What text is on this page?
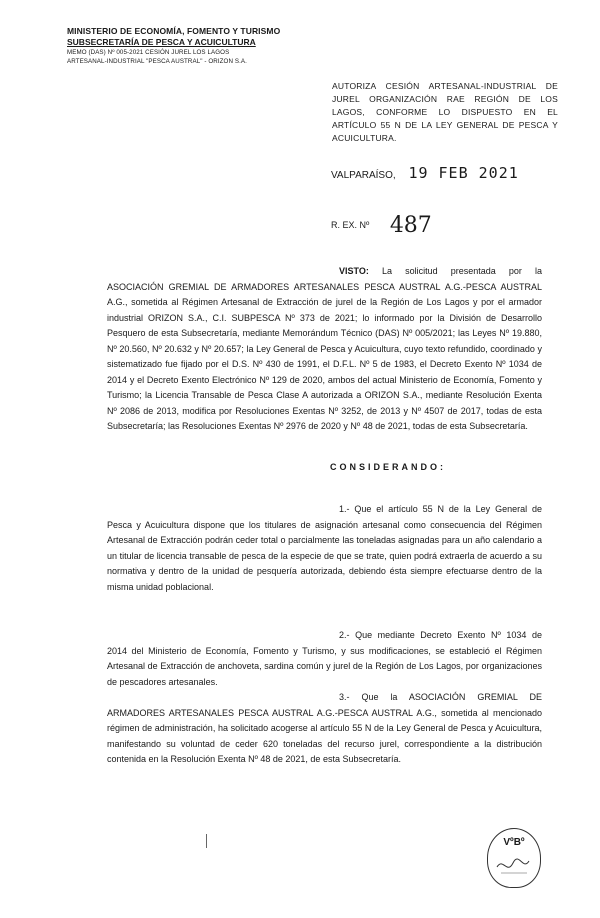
MINISTERIO DE ECONOMÍA, FOMENTO Y TURISMO
SUBSECRETARÍA DE PESCA Y ACUICULTURA
MEMO (DAS) Nº 005-2021 CESIÓN JUREL LOS LAGOS
ARTESANAL-INDUSTRIAL "PESCA AUSTRAL" - ORIZON S.A.
AUTORIZA CESIÓN ARTESANAL-INDUSTRIAL DE JUREL ORGANIZACIÓN RAE REGIÓN DE LOS LAGOS, CONFORME LO DISPUESTO EN EL ARTÍCULO 55 N DE LA LEY GENERAL DE PESCA Y ACUICULTURA.
VALPARAÍSO, 19 FEB 2021
R. EX. Nº 487
VISTO: La solicitud presentada por la ASOCIACIÓN GREMIAL DE ARMADORES ARTESANALES PESCA AUSTRAL A.G.-PESCA AUSTRAL A.G., sometida al Régimen Artesanal de Extracción de jurel de la Región de Los Lagos y por el armador industrial ORIZON S.A., C.I. SUBPESCA Nº 373 de 2021; lo informado por la División de Desarrollo Pesquero de esta Subsecretaría, mediante Memorándum Técnico (DAS) Nº 005/2021; las Leyes Nº 19.880, Nº 20.560, Nº 20.632 y Nº 20.657; la Ley General de Pesca y Acuicultura, cuyo texto refundido, coordinado y sistematizado fue fijado por el D.S. Nº 430 de 1991, el D.F.L. Nº 5 de 1983, el Decreto Exento Nº 1034 de 2014 y el Decreto Exento Electrónico Nº 129 de 2020, ambos del actual Ministerio de Economía, Fomento y Turismo; la Licencia Transable de Pesca Clase A autorizada a ORIZON S.A., mediante Resolución Exenta Nº 2086 de 2013, modifica por Resoluciones Exentas Nº 3252, de 2013 y Nº 4507 de 2017, todas de esta Subsecretaría; las Resoluciones Exentas Nº 2976 de 2020 y Nº 48 de 2021, todas de esta Subsecretaría.
CONSIDERANDO:
1.- Que el artículo 55 N de la Ley General de Pesca y Acuicultura dispone que los titulares de asignación artesanal como consecuencia del Régimen Artesanal de Extracción podrán ceder total o parcialmente las toneladas asignadas para un año calendario a un titular de licencia transable de pesca de la especie de que se trate, quien podrá extraerla de acuerdo a su normativa y dentro de la unidad de pesquería autorizada, debiendo ésta siempre efectuarse dentro de la misma unidad poblacional.
2.- Que mediante Decreto Exento Nº 1034 de 2014 del Ministerio de Economía, Fomento y Turismo, y sus modificaciones, se estableció el Régimen Artesanal de Extracción de anchoveta, sardina común y jurel de la Región de Los Lagos, por organizaciones de pescadores artesanales.
3.- Que la ASOCIACIÓN GREMIAL DE ARMADORES ARTESANALES PESCA AUSTRAL A.G.-PESCA AUSTRAL A.G., sometida al mencionado régimen de administración, ha solicitado acogerse al artículo 55 N de la Ley General de Pesca y Acuicultura, manifestando su voluntad de ceder 620 toneladas del recurso jurel, correspondiente a la distribución contenida en la Resolución Exenta Nº 48 de 2021, de esta Subsecretaría.
VºBº
